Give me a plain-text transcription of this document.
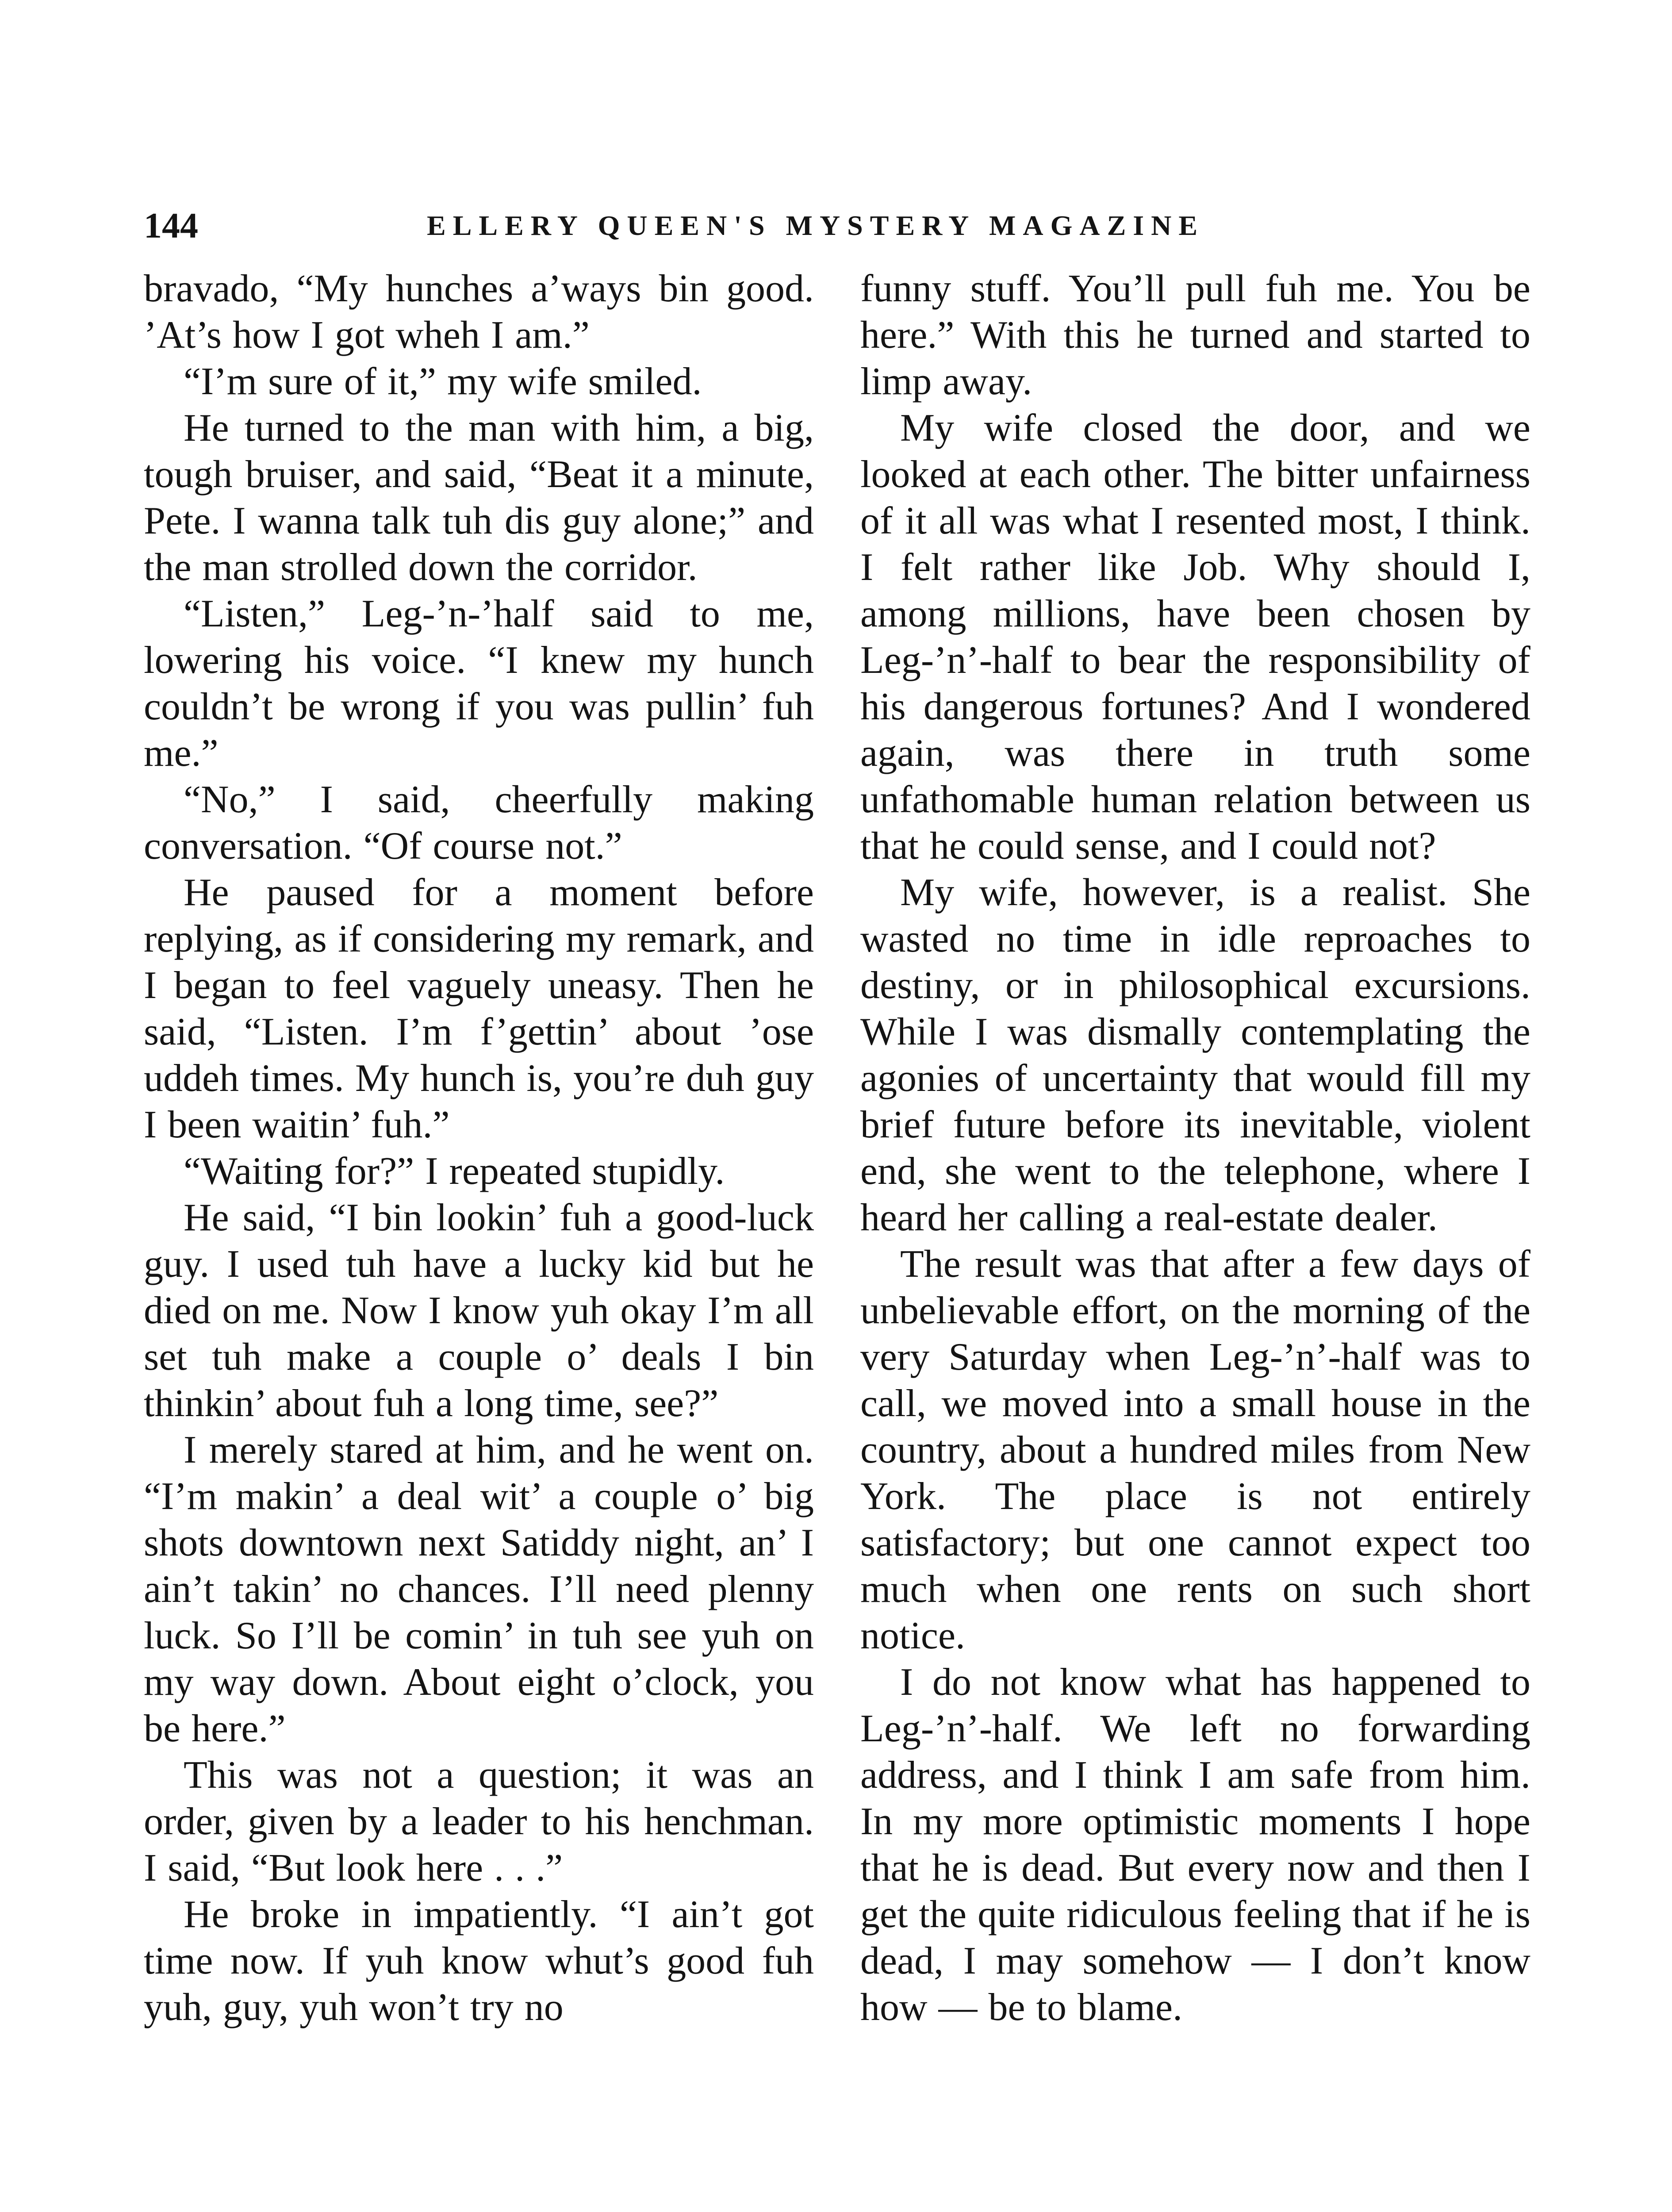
144	ELLERY QUEEN'S MYSTERY MAGAZINE

bravado, “My hunches a’ways bin good. ’At’s how I got wheh I am.”

“I’m sure of it,” my wife smiled.

He turned to the man with him, a big, tough bruiser, and said, “Beat it a minute, Pete. I wanna talk tuh dis guy alone;” and the man strolled down the corridor.

“Listen,” Leg-’n-’half said to me, lowering his voice. “I knew my hunch couldn’t be wrong if you was pullin’ fuh me.”

“No,” I said, cheerfully making conversation. “Of course not.”

He paused for a moment before replying, as if considering my remark, and I began to feel vaguely uneasy. Then he said, “Listen. I’m f’gettin’ about ’ose uddeh times. My hunch is, you’re duh guy I been waitin’ fuh.”

“Waiting for?” I repeated stupidly.

He said, “I bin lookin’ fuh a good-luck guy. I used tuh have a lucky kid but he died on me. Now I know yuh okay I’m all set tuh make a couple o’ deals I bin thinkin’ about fuh a long time, see?”

I merely stared at him, and he went on. “I’m makin’ a deal wit’ a couple o’ big shots downtown next Satiddy night, an’ I ain’t takin’ no chances. I’ll need plenny luck. So I’ll be comin’ in tuh see yuh on my way down. About eight o’clock, you be here.”

This was not a question; it was an order, given by a leader to his henchman. I said, “But look here . . .”

He broke in impatiently. “I ain’t got time now. If yuh know whut’s good fuh yuh, guy, yuh won’t try no

funny stuff. You’ll pull fuh me. You be here.” With this he turned and started to limp away.

My wife closed the door, and we looked at each other. The bitter unfairness of it all was what I resented most, I think. I felt rather like Job. Why should I, among millions, have been chosen by Leg-’n’-half to bear the responsibility of his dangerous fortunes? And I wondered again, was there in truth some unfathomable human relation between us that he could sense, and I could not?

My wife, however, is a realist. She wasted no time in idle reproaches to destiny, or in philosophical excursions. While I was dismally contemplating the agonies of uncertainty that would fill my brief future before its inevitable, violent end, she went to the telephone, where I heard her calling a real-estate dealer.

The result was that after a few days of unbelievable effort, on the morning of the very Saturday when Leg-’n’-half was to call, we moved into a small house in the country, about a hundred miles from New York. The place is not entirely satisfactory; but one cannot expect too much when one rents on such short notice.

I do not know what has happened to Leg-’n’-half. We left no forwarding address, and I think I am safe from him. In my more optimistic moments I hope that he is dead. But every now and then I get the quite ridiculous feeling that if he is dead, I may somehow — I don’t know how — be to blame.
